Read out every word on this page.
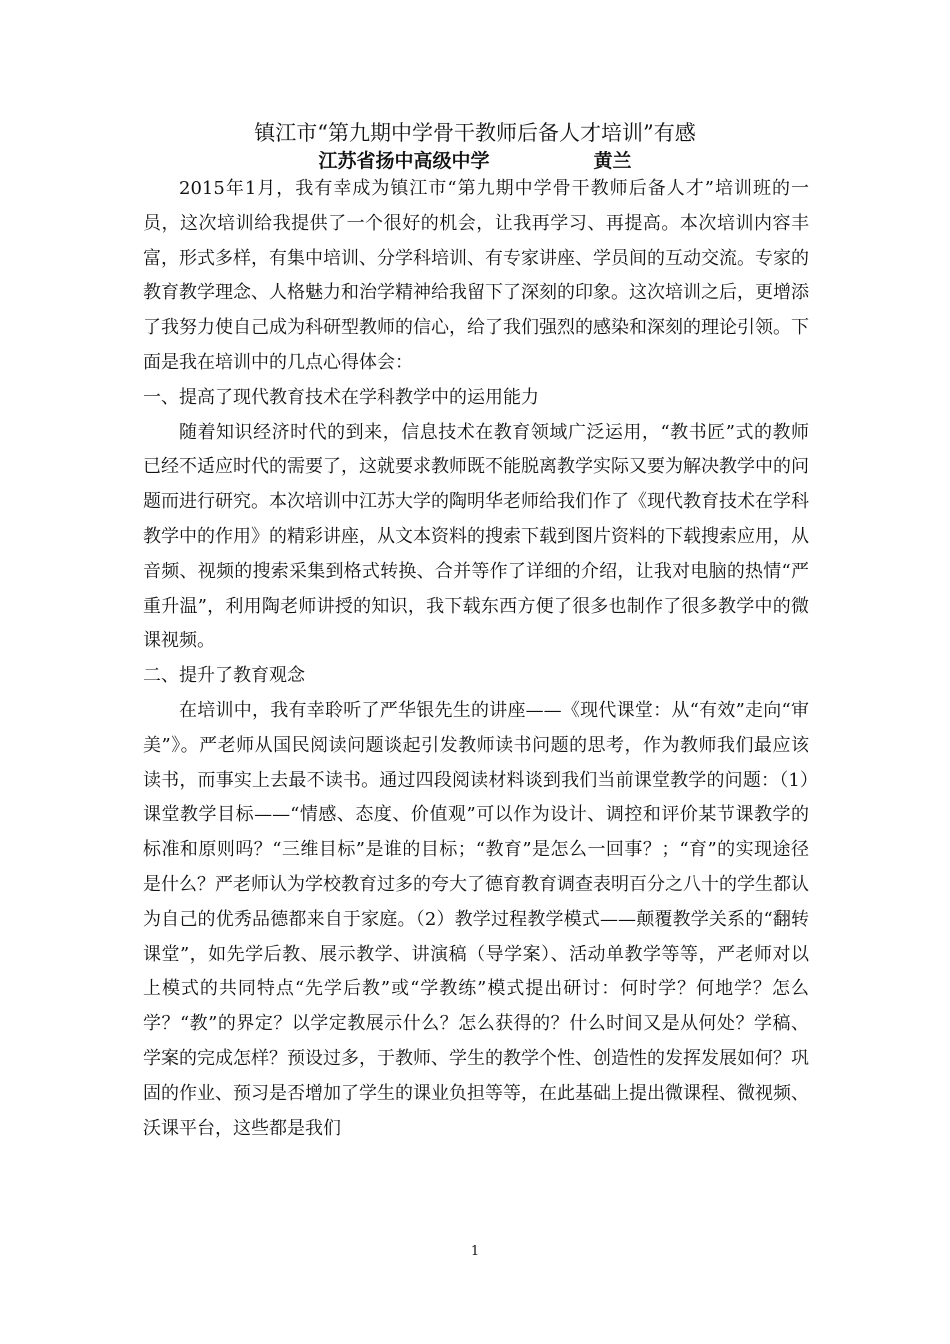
镇江市“第九期中学骨干教师后备人才培训”有感
江苏省扬中高级中学	黄兰

2015年1月，我有幸成为镇江市“第九期中学骨干教师后备人才”培训班的一员，这次培训给我提供了一个很好的机会，让我再学习、再提高。本次培训内容丰富，形式多样，有集中培训、分学科培训、有专家讲座、学员间的互动交流。专家的教育教学理念、人格魅力和治学精神给我留下了深刻的印象。这次培训之后，更增添了我努力使自己成为科研型教师的信心，给了我们强烈的感染和深刻的理论引领。下面是我在培训中的几点心得体会：

一、提高了现代教育技术在学科教学中的运用能力

随着知识经济时代的到来，信息技术在教育领域广泛运用，“教书匠”式的教师已经不适应时代的需要了，这就要求教师既不能脱离教学实际又要为解决教学中的问题而进行研究。本次培训中江苏大学的陶明华老师给我们作了《现代教育技术在学科教学中的作用》的精彩讲座，从文本资料的搜索下载到图片资料的下载搜索应用，从音频、视频的搜索采集到格式转换、合并等作了详细的介绍，让我对电脑的热情“严重升温”，利用陶老师讲授的知识，我下载东西方便了很多也制作了很多教学中的微课视频。

二、提升了教育观念

在培训中，我有幸聆听了严华银先生的讲座——《现代课堂：从“有效”走向“审美”》。严老师从国民阅读问题谈起引发教师读书问题的思考，作为教师我们最应该读书，而事实上去最不读书。通过四段阅读材料谈到我们当前课堂教学的问题：（1）课堂教学目标——“情感、态度、价值观”可以作为设计、调控和评价某节课教学的标准和原则吗？“三维目标”是谁的目标；“教育”是怎么一回事？；“育”的实现途径是什么？严老师认为学校教育过多的夸大了德育教育调查表明百分之八十的学生都认为自己的优秀品德都来自于家庭。（2）教学过程教学模式——颠覆教学关系的“翻转课堂”，如先学后教、展示教学、讲演稿（导学案）、活动单教学等等，严老师对以上模式的共同特点“先学后教”或“学教练”模式提出研讨：何时学？何地学？怎么学？“教”的界定？以学定教展示什么？怎么获得的？什么时间又是从何处？学稿、学案的完成怎样？预设过多，于教师、学生的教学个性、创造性的发挥发展如何？巩固的作业、预习是否增加了学生的课业负担等等，在此基础上提出微课程、微视频、沃课平台，这些都是我们

1
